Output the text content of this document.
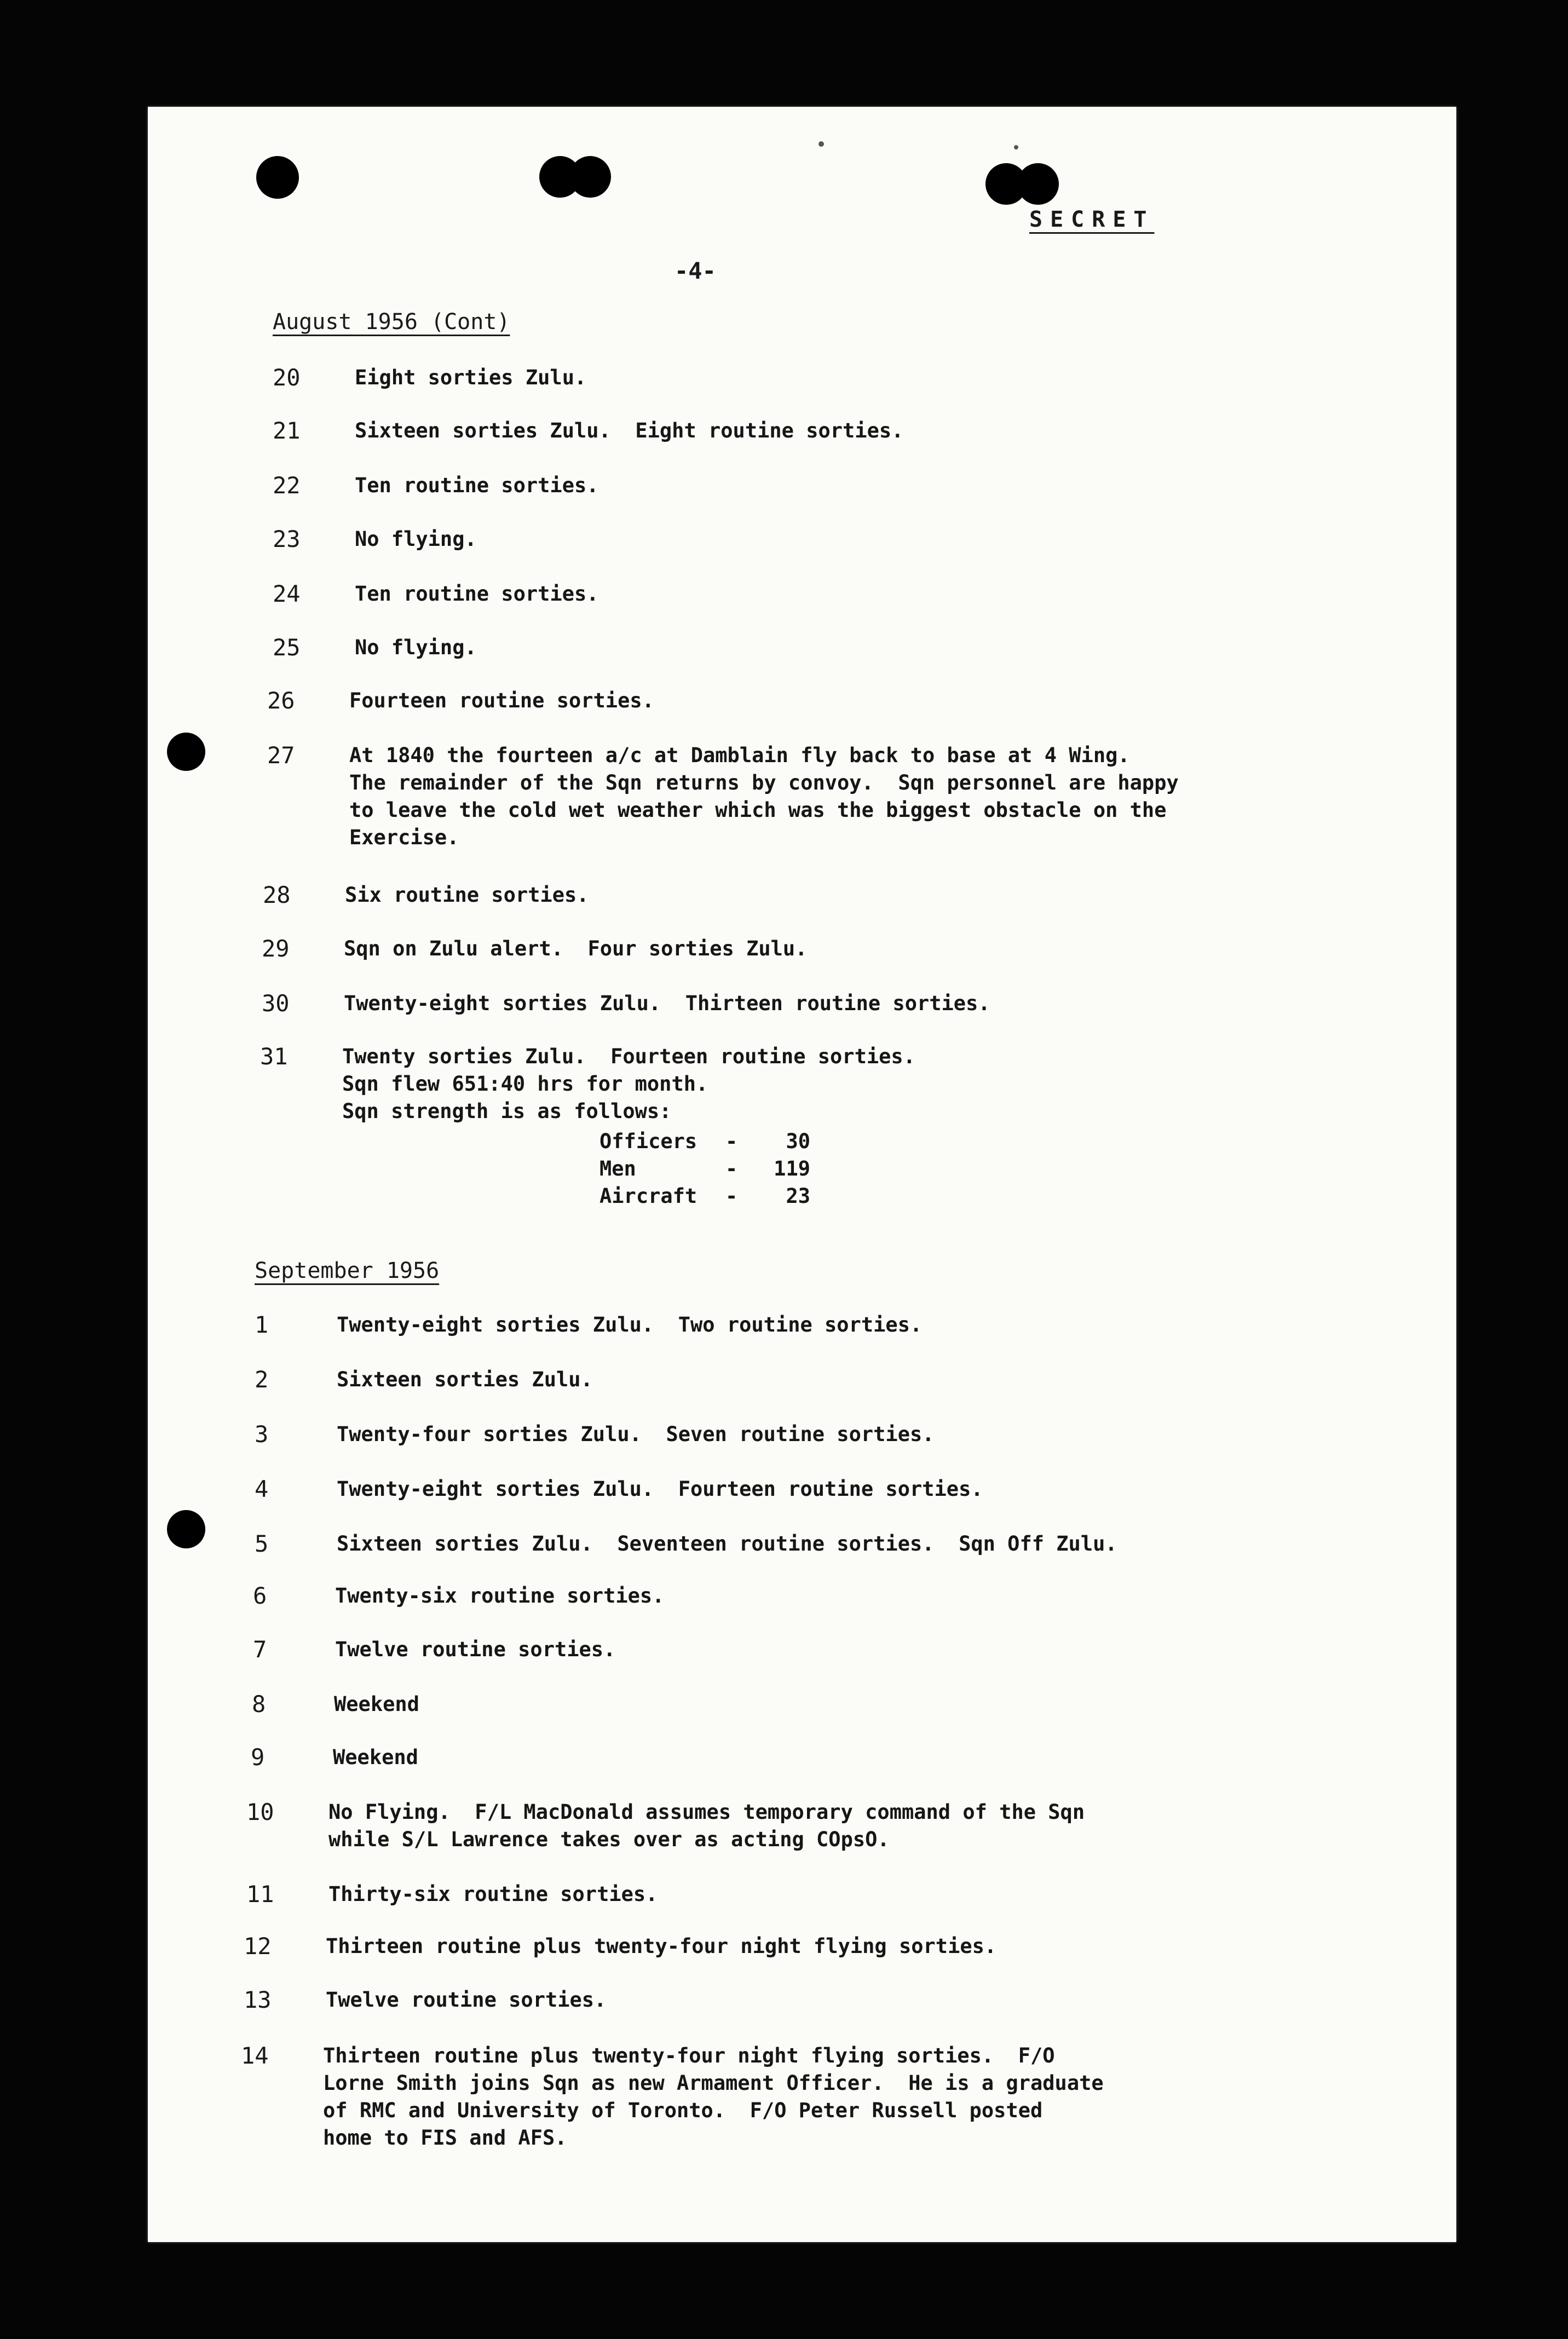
SECRET
-4-
August 1956 (Cont)
20	Eight sorties Zulu.
21	Sixteen sorties Zulu.  Eight routine sorties.
22	Ten routine sorties.
23	No flying.
24	Ten routine sorties.
25	No flying.
26	Fourteen routine sorties.
27	At 1840 the fourteen a/c at Damblain fly back to base at 4 Wing.
The remainder of the Sqn returns by convoy.  Sqn personnel are happy
to leave the cold wet weather which was the biggest obstacle on the
Exercise.
28	Six routine sorties.
29	Sqn on Zulu alert.  Four sorties Zulu.
30	Twenty-eight sorties Zulu.  Thirteen routine sorties.
31	Twenty sorties Zulu.  Fourteen routine sorties.
Sqn flew 651:40 hrs for month.
Sqn strength is as follows:
Officers	-	30
Men	-	119
Aircraft	-	23
September 1956
1	Twenty-eight sorties Zulu.  Two routine sorties.
2	Sixteen sorties Zulu.
3	Twenty-four sorties Zulu.  Seven routine sorties.
4	Twenty-eight sorties Zulu.  Fourteen routine sorties.
5	Sixteen sorties Zulu.  Seventeen routine sorties.  Sqn Off Zulu.
6	Twenty-six routine sorties.
7	Twelve routine sorties.
8	Weekend
9	Weekend
10	No Flying.  F/L MacDonald assumes temporary command of the Sqn
while S/L Lawrence takes over as acting COpsO.
11	Thirty-six routine sorties.
12	Thirteen routine plus twenty-four night flying sorties.
13	Twelve routine sorties.
14	Thirteen routine plus twenty-four night flying sorties.  F/O
Lorne Smith joins Sqn as new Armament Officer.  He is a graduate
of RMC and University of Toronto.  F/O Peter Russell posted
home to FIS and AFS.
